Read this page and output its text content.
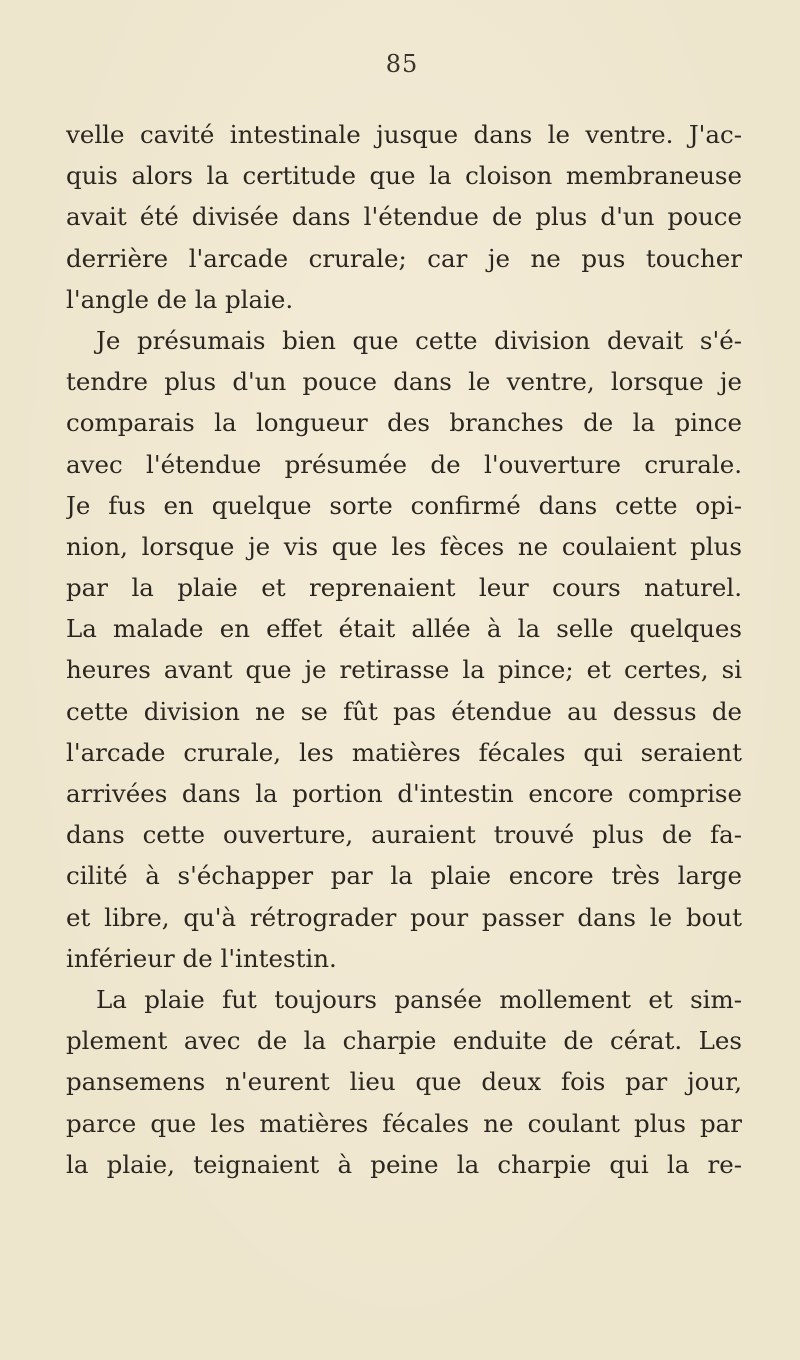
85
velle cavité intestinale jusque dans le ventre. J'ac-
quis alors la certitude que la cloison membraneuse
avait été divisée dans l'étendue de plus d'un pouce
derrière l'arcade crurale; car je ne pus toucher
l'angle de la plaie.
Je présumais bien que cette division devait s'é-
tendre plus d'un pouce dans le ventre, lorsque je
comparais la longueur des branches de la pince
avec l'étendue présumée de l'ouverture crurale.
Je fus en quelque sorte confirmé dans cette opi-
nion, lorsque je vis que les fèces ne coulaient plus
par la plaie et reprenaient leur cours naturel.
La malade en effet était allée à la selle quelques
heures avant que je retirasse la pince; et certes, si
cette division ne se fût pas étendue au dessus de
l'arcade crurale, les matières fécales qui seraient
arrivées dans la portion d'intestin encore comprise
dans cette ouverture, auraient trouvé plus de fa-
cilité à s'échapper par la plaie encore très large
et libre, qu'à rétrograder pour passer dans le bout
inférieur de l'intestin.
La plaie fut toujours pansée mollement et sim-
plement avec de la charpie enduite de cérat. Les
pansemens n'eurent lieu que deux fois par jour,
parce que les matières fécales ne coulant plus par
la plaie, teignaient à peine la charpie qui la re-
